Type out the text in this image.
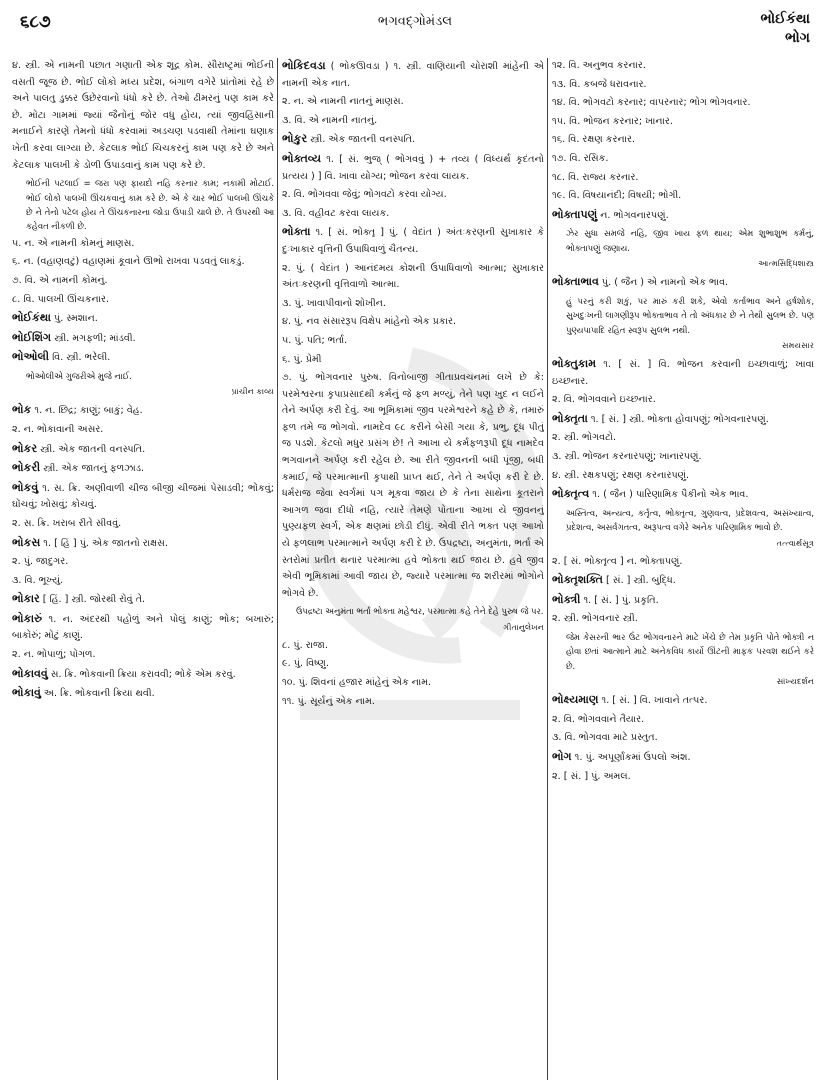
૬૮૭	ભગવદ્ગોમંડલ	ભોઈકંથા
ભોગ

૪. સ્ત્રી. એ નામની પછાત ગણાતી એક શૂદ્ર કોમ. સૌરાષ્ટ્રમાં ભોઈની વસતી જૂજ છે. ભોઈ લોકો મધ્ય પ્રદેશ, બંગાળ વગેરે પ્રાંતોમાં રહે છે અને પાલતુ ડુક્કર ઉછેરવાનો ધંધો કરે છે. તેઓ ઢીમરનું પણ કામ કરે છે. મોટા ગામમાં જ્યાં જૈનોનું જોર વધુ હોય, ત્યાં જીવહિંસાની મનાઈને કારણે તેમનો ધંધો કરવામાં અડચણ પડવાથી તેમાંના ઘણાક ખેતી કરવા લાગ્યા છે. કેટલાક ભોઈ ચિચકરનું કામ પણ કરે છે અને કેટલાક પાલખી કે ડોળી ઉપાડવાનું કામ પણ કરે છે.

ભોઈની પટલાઈ = જરા પણ ફાયદો નહિ કરનાર કામ; નકામી મોટાઈ. ભોઈ લોકો પાલખી ઊંચકવાનું કામ કરે છે. એ કે ચાર ભોઈ પાલખી ઊંચકે છે ને તેનો પટેલ હોય તે ઊંચકનારના જોડા ઉપાડી ચાલે છે. તે ઉપરથી આ કહેવત નીકળી છે.

૫. ન. એ નામની કોમનું માણસ.

૬. ન. (વહાણવટું) વહાણમાં કૂવાને ઊભો રાખવા પડવતું લાકડું.

૭. વિ. એ નામની કોમનું.

૮. વિ. પાલખી ઊંચકનાર.

ભોઈકંથા પું. સ્મશાન.

ભોઈશિંગ સ્ત્રી. મગફળી; માંડવી.

ભોઓલી વિ. સ્ત્રી. ભરેલી.

ભોઓલીએ ગુજરીએ મુજે નાઈ.

પ્રાચીન કાવ્ય

ભોક ૧. ન. છિદ્ર; કાણું; બાકું; વેહ.

૨. ન. ભોકાવાની અસર.

ભોકર સ્ત્રી. એક જાતની વનસ્પતિ.

ભોકરી સ્ત્રી. એક જાતનું ફળઝાડ.

ભોકવું ૧. સ. ક્રિ. અણીવાળી ચીજ બીજી ચીજમાં પેસાડવી; ભોંકવું; ઘોંચવું; ખોસવું; કોચવું.

૨. સ. ક્રિ. ખરાબ રીતે સીવવું.

ભોકસ ૧. [ હિં ] પું. એક જાતનો રાક્ષસ.

૨. પું. જાદુગર.

૩. વિ. ભૂખ્યું.

ભોકાર [ હિં. ] સ્ત્રી. જોરથી રોવું તે.

ભોકારું ૧. ન. અંદરથી પહોળું અને પોલું કાણું; ભોક; બખારું; બાકોરું; મોટું કાણું.

૨. ન. ભોપાળું; પોગળ.

ભોકાવવું સ. ક્રિ. ભોકવાની ક્રિયા કરાવવી; ભોકે એમ કરવું.

ભોકાવું અ. ક્રિ. ભોકવાની ક્રિયા થવી.

ભોકિદવડા ( ભોકઊવડા ) ૧. સ્ત્રી. વાણિયાની ચોરાશી માંહેની એ નામની એક નાત.

૨. ન. એ નામની નાતનું માણસ.

૩. વિ. એ નામની નાતનું.

ભોકુર સ્ત્રી. એક જાતની વનસ્પતિ.

ભોક્તવ્ય ૧. [ સં. ભુજ્ ( ભોગવવું ) + તવ્ય ( વિધ્યર્થ કૃદંતનો પ્રત્યય ) ] વિ. ખાવા યોગ્ય; ભોજન કરવા લાયક.

૨. વિ. ભોગવવા જેવું; ભોગવટો કરવા યોગ્ય.

૩. વિ. વહીવટ કરવા લાયક.

ભોક્તા ૧. [ સં. ભોક્તૃ ] પું. ( વેદાંત ) અંતઃકરણની સુખાકાર કે દુઃખાકાર વૃત્તિની ઉપાધિવાળું ચૈતન્ય.

૨. પું. ( વેદાંત ) આનંદમય કોશની ઉપાધિવાળો આત્મા; સુખાકાર અંતઃકરણની વૃત્તિવાળો આત્મા.

૩. પું. ખાવાપીવાનો શોખીન.

૪. પું. નવ સંસારરૂપ વિક્ષેપ માંહેનો એક પ્રકાર.

૫. પું. પતિ; ભર્તા.

૬. પું. પ્રેમી

૭. પું. ભોગવનાર પુરુષ. વિનોબાજી ગીતાપ્રવચનમાં લખે છે કે: પરમેશ્વરના કૃપાપ્રસાદથી કર્મનું જે ફળ મળ્યું, તેને પણ ખુદ ન લઈને તેને અર્પણ કરી દેવું. આ ભૂમિકામાં જીવ પરમેશ્વરને કહે છે કે, તમારું ફળ તમે જ ભોગવો. નામદેવ ૯૮ કરીને બેસી ગયા કે, પ્રભુ, દૂધ પીતું જ પડશે. કેટલો મધુર પ્રસંગ છે! તે આખા યે કર્મફળરૂપી દૂધ નામદેવ ભગવાનને અર્પણ કરી રહેલ છે. આ રીતે જીવનની બધી પૂંજી, બધી કમાઈ, જે પરમાત્માની કૃપાથી પ્રાપ્ત થઈ, તેને તે અર્પણ કરી દે છે. ધર્મરાજ જેવા સ્વર્ગમાં પગ મૂકવા જાય છે કે તેના સાથેના કૂતરાને આગળ જવા દીધો નહિ, ત્યારે તેમણે પોતાના આખા યે જીવનનું પુણ્યફળ સ્વર્ગ, એક ક્ષણમાં છોડી દીધું. એવી રીતે ભક્ત પણ આખો યે ફળલાભ પરમાત્માને અર્પણ કરી દે છે. ઉપદ્રષ્ટા, અનુમંતા, ભર્તા એ સ્તરોમાં પ્રતીત થનાર પરમાત્મા હવે ભોક્તા થઈ જાય છે. હવે જીવ એવી ભૂમિકામાં આવી જાય છે, જ્યારે પરમાત્મા જ શરીરમાં ભોગોને ભોગવે છે.

ઉપદ્રષ્ટા અનુમંતા ભર્તા ભોક્તા મહેશ્વર, પરમાત્મા કહે તેને દેહે પુરુષ જે પર.

ગીતાનુલેખન

૮. પું. રાજા.

૯. પું. વિષ્ણુ.

૧૦. પું. શિવનાં હજાર માંહેનું એક નામ.

૧૧. પું. સૂર્યનું એક નામ.

૧૨. વિ. અનુભવ કરનાર.

૧૩. વિ. કબજે ધરાવનાર.

૧૪. વિ. ભોગવટો કરનાર; વાપરનાર; ભોગ ભોગવનાર.

૧૫. વિ. ભોજન કરનાર; ખાનાર.

૧૬. વિ. રક્ષણ કરનાર.

૧૭. વિ. રસિક.

૧૮. વિ. રાજ્ય કરનાર.

૧૯. વિ. વિષયાનંદી; વિષયી; ભોગી.

ભોક્તાપણું ન. ભોગવનારપણું.

ઝેર સુધા સમજે નહિ, જીવ ખાય ફળ થાય; એમ શુભાશુભ કર્મનું, ભોક્તાપણું જણાય.

આત્મસિદ્ધિશાસ્ત્ર

ભોક્તાભાવ પું. ( જૈન ) એ નામનો એક ભાવ.

હું પરનું કરી શકું, પર મારું કરી શકે, એવો કર્તાભાવ અને હર્ષશોક, સુખદુઃખની લાગણીરૂપ ભોક્તાભાવ તે તો અંધકાર છે ને તેથી સુલભ છે. પણ પુણ્યપાપાદિ રહિત સ્વરૂપ સુલભ નથી.

સમયસાર

ભોક્તુકામ ૧. [ સં. ] વિ. ભોજન કરવાની ઇચ્છાવાળું; ખાવા ઇચ્છનાર.

૨. વિ. ભોગવવાને ઇચ્છનાર.

ભોક્તૃતા ૧. [ સં. ] સ્ત્રી. ભોક્તા હોવાપણું; ભોગવનારપણું.

૨. સ્ત્રી. ભોગવટો.

૩. સ્ત્રી. ભોજન કરનારપણું; ખાનારપણું.

૪. સ્ત્રી. રક્ષકપણું; રક્ષણ કરનારપણું.

ભોક્તૃત્વ ૧. ( જૈન ) પારિણામિક પૈકીનો એક ભાવ.

અસ્તિત્વ, અન્યત્વ, કર્તૃત્વ, ભોક્તૃત્વ, ગુણવત્વ, પ્રદેશવત્વ, અસંખ્યાત્વ, પ્રદેશત્વ, અસર્વગતત્વ, અરૂપત્વ વગેરે અનેક પારિણામિક ભાવો છે.

તત્ત્વાર્થસૂત્ર

૨. [ સં. ભોક્તૃત્વ ] ન. ભોક્તાપણું.

ભોક્તૃશક્તિ [ સં. ] સ્ત્રી. બુદ્ધિ.

ભોક્ત્રી ૧. [ સં. ] પું. પ્રકૃતિ.

૨. સ્ત્રી. ભોગવનાર સ્ત્રી.

જેમ કેસરની ભાર ઉંટ ભોગવનારને માટે ખેંચે છે તેમ પ્રકૃતિ પોતે ભોક્ત્રી ન હોવા છતાં આત્માને માટે અનેકવિધ કાર્યો ઊંટની માફક પરવશ થઈને કરે છે.

સાંખ્યદર્શન

ભોક્ષ્યમાણ ૧. [ સં. ] વિ. ખાવાને તત્પર.

૨. વિ. ભોગવવાને તૈયાર.

૩. વિ. ભોગવવા માટે પ્રસ્તુત.

ભોગ ૧. પું. અપૂર્ણાંકમાં ઉપલો અંશ.

૨. [ સં. ] પું. અમલ.
